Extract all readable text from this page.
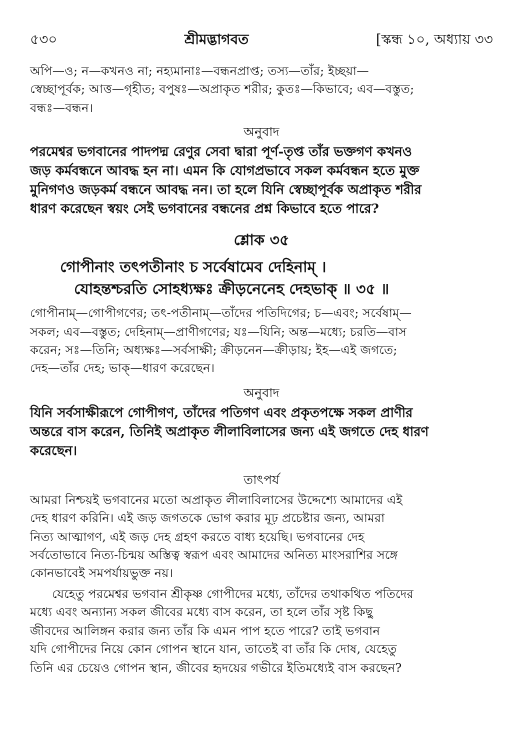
৫৩০	শ্রীমদ্ভাগবত	[স্কন্ধ ১০, অধ্যায় ৩৩

অপি—ও; ন—কখনও না; নহ্যমানাঃ—বন্ধনপ্রাপ্ত; তস্য—তাঁর; ইচ্ছয়া—

স্বেচ্ছাপূর্বক; আত্ত—গৃহীত; বপুষঃ—অপ্রাকৃত শরীর; কুতঃ—কিভাবে; এব—বস্তুত;

বন্ধঃ—বন্ধন।

অনুবাদ

পরমেশ্বর ভগবানের পাদপদ্ম রেণুর সেবা দ্বারা পূর্ণ-তৃপ্ত তাঁর ভক্তগণ কখনও

জড় কর্মবন্ধনে আবদ্ধ হন না। এমন কি যোগপ্রভাবে সকল কর্মবন্ধন হতে মুক্ত

মুনিগণও জড়কর্ম বন্ধনে আবদ্ধ নন। তা হলে যিনি স্বেচ্ছাপূর্বক অপ্রাকৃত শরীর

ধারণ করেছেন স্বয়ং সেই ভগবানের বন্ধনের প্রশ্ন কিভাবে হতে পারে?

শ্লোক ৩৫

গোপীনাং তৎপতীনাং চ সর্বেষামেব দেহিনাম্ ।

যোহন্তশ্চরতি সোহধ্যক্ষঃ ক্রীড়নেনেহ দেহভাক্ ॥ ৩৫ ॥

গোপীনাম্—গোপীগণের; তৎ-পতীনাম্—তাঁদের পতিদিগের; চ—এবং; সর্বেষাম্—

সকল; এব—বস্তুত; দেহিনাম্—প্রাণীগণের; যঃ—যিনি; অন্ত—মধ্যে; চরতি—বাস

করেন; সঃ—তিনি; অধ্যক্ষঃ—সর্বসাক্ষী; ক্রীড়নেন—ক্রীড়ায়; ইহ—এই জগতে;

দেহ—তাঁর দেহ; ভাক্—ধারণ করেছেন।

অনুবাদ

যিনি সর্বসাক্ষীরূপে গোপীগণ, তাঁদের পতিগণ এবং প্রকৃতপক্ষে সকল প্রাণীর

অন্তরে বাস করেন, তিনিই অপ্রাকৃত লীলাবিলাসের জন্য এই জগতে দেহ ধারণ

করেছেন।

তাৎপর্য

আমরা নিশ্চয়ই ভগবানের মতো অপ্রাকৃত লীলাবিলাসের উদ্দেশ্যে আমাদের এই

দেহ ধারণ করিনি। এই জড় জগতকে ভোগ করার মূঢ় প্রচেষ্টার জন্য, আমরা

নিত্য আত্মাগণ, এই জড় দেহ গ্রহণ করতে বাধ্য হয়েছি। ভগবানের দেহ

সর্বতোভাবে নিত্য-চিন্ময় অস্তিত্ব স্বরূপ এবং আমাদের অনিত্য মাংসরাশির সঙ্গে

কোনভাবেই সমপর্যায়ভুক্ত নয়।

যেহেতু পরমেশ্বর ভগবান শ্রীকৃষ্ণ গোপীদের মধ্যে, তাঁদের তথাকথিত পতিদের

মধ্যে এবং অন্যান্য সকল জীবের মধ্যে বাস করেন, তা হলে তাঁর সৃষ্ট কিছু

জীবদের আলিঙ্গন করার জন্য তাঁর কি এমন পাপ হতে পারে? তাই ভগবান

যদি গোপীদের নিয়ে কোন গোপন স্থানে যান, তাতেই বা তাঁর কি দোষ, যেহেতু

তিনি এর চেয়েও গোপন স্থান, জীবের হৃদয়ের গভীরে ইতিমধ্যেই বাস করছেন?
